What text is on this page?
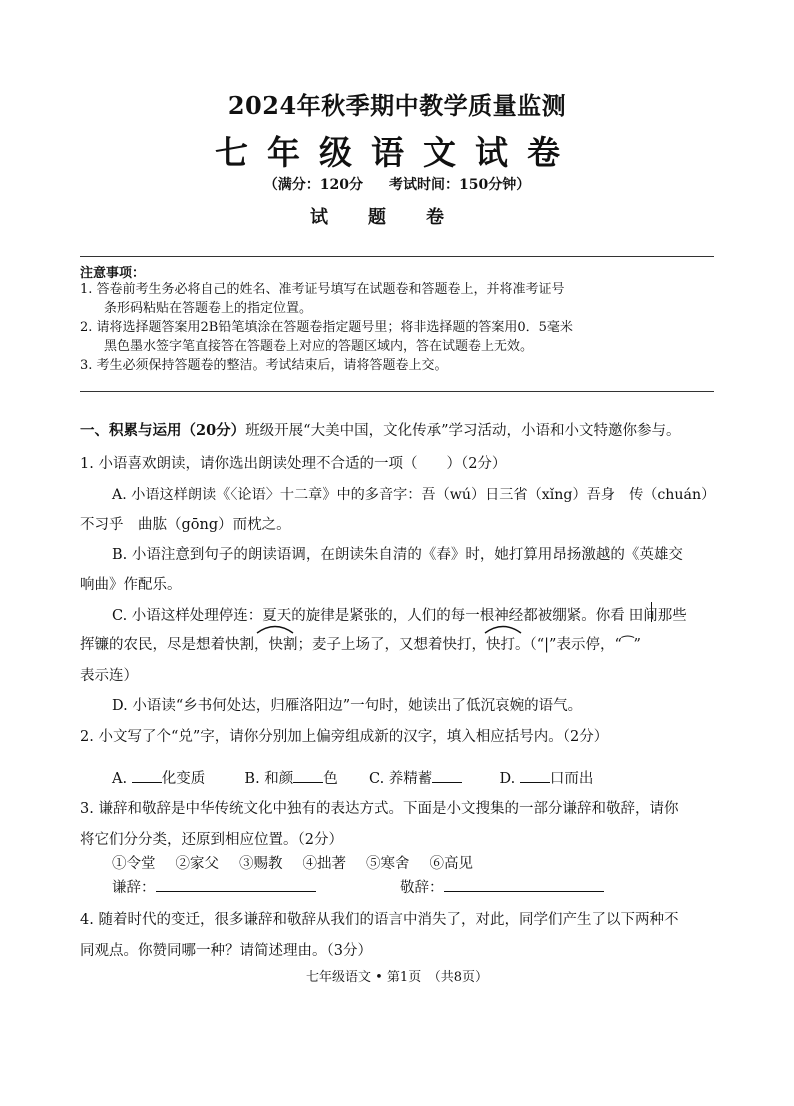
2024年秋季期中教学质量监测
七年级语文试卷
（满分：120分 考试时间：150分钟）
试题卷
注意事项：
1. 答卷前考生务必将自己的姓名、准考证号填写在试题卷和答题卷上，并将准考证号
条形码粘贴在答题卷上的指定位置。
2. 请将选择题答案用2B铅笔填涂在答题卷指定题号里；将非选择题的答案用0．5毫米
黑色墨水签字笔直接答在答题卷上对应的答题区域内，答在试题卷上无效。
3. 考生必须保持答题卷的整洁。考试结束后，请将答题卷上交。
一、积累与运用（20分）班级开展“大美中国，文化传承”学习活动，小语和小文特邀你参与。
1. 小语喜欢朗读，请你选出朗读处理不合适的一项（　　）（2分）
A. 小语这样朗读《〈论语〉十二章》中的多音字：吾（wú）日三省（xǐng）吾身　传（chuán）
不习乎　曲肱（gōng）而枕之。
B. 小语注意到句子的朗读语调，在朗读朱自清的《春》时，她打算用昂扬激越的《英雄交
响曲》作配乐。
C. 小语这样处理停连：夏天的旋律是紧张的，人们的每一根神经都被绷紧。你看 田间那些
挥镰的农民，尽是想着快割，快割；麦子上场了，又想着快打，快打。（“|”表示停，“⁀”
表示连）
D. 小语读“乡书何处达，归雁洛阳边”一句时，她读出了低沉哀婉的语气。
2. 小文写了个“兑”字，请你分别加上偏旁组成新的汉字，填入相应括号内。（2分）
A. 化变质	B. 和颜 色 C. 养精蓄	D. 口而出
3. 谦辞和敬辞是中华传统文化中独有的表达方式。下面是小文搜集的一部分谦辞和敬辞，请你
将它们分分类，还原到相应位置。（2分）
①令堂 ②家父 ③赐教 ④拙著 ⑤寒舍 ⑥高见
谦辞：	敬辞：
4. 随着时代的变迁，很多谦辞和敬辞从我们的语言中消失了，对此，同学们产生了以下两种不
同观点。你赞同哪一种？请简述理由。（3分）
七年级语文 • 第1页　（共8页）
